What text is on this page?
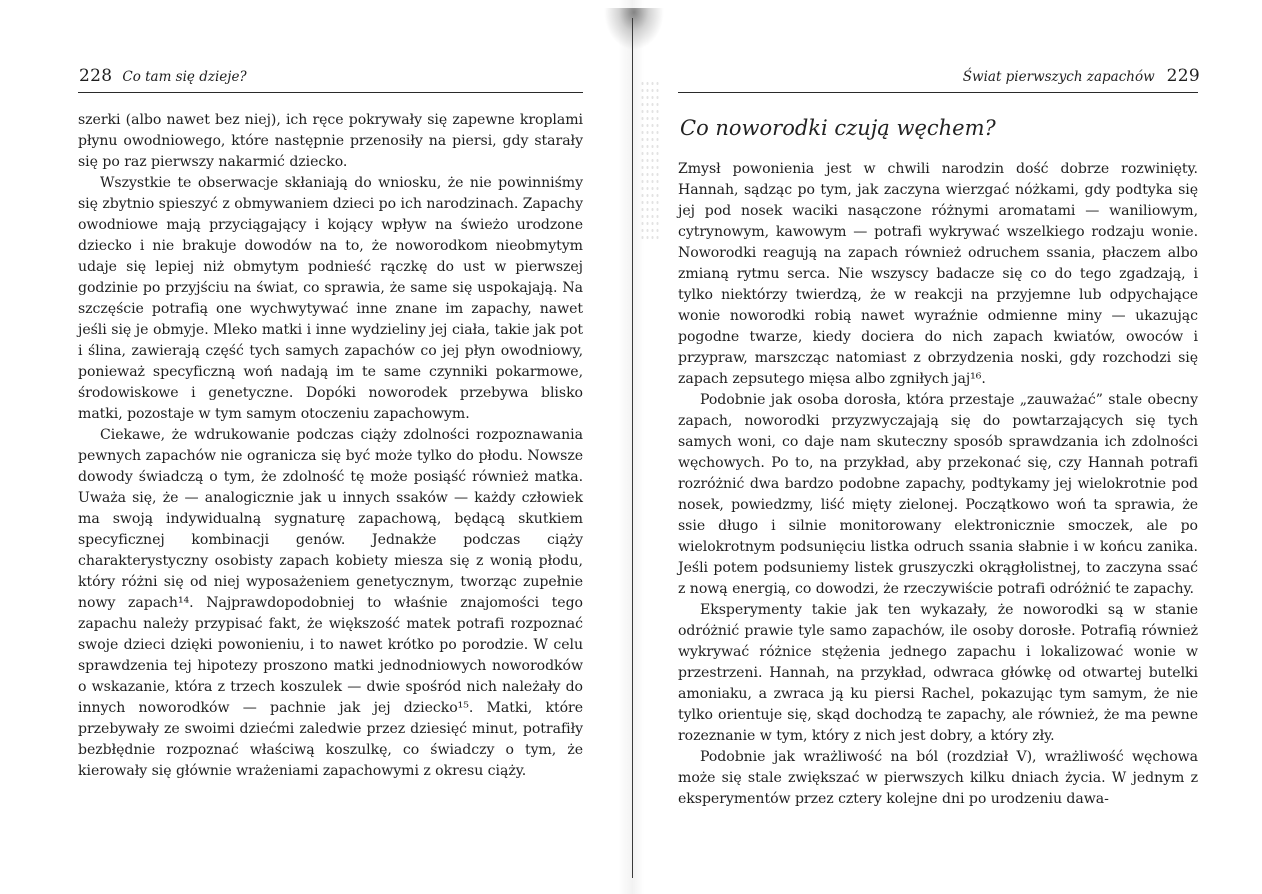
228 Co tam się dzieje?

szerki (albo nawet bez niej), ich ręce pokrywały się zapewne kroplami płynu owodniowego, które następnie przenosiły na piersi, gdy starały się po raz pierwszy nakarmić dziecko.

Wszystkie te obserwacje skłaniają do wniosku, że nie powinniśmy się zbytnio spieszyć z obmywaniem dzieci po ich narodzinach. Zapachy owodniowe mają przyciągający i kojący wpływ na świeżo urodzone dziecko i nie brakuje dowodów na to, że noworodkom nieobmytym udaje się lepiej niż obmytym podnieść rączkę do ust w pierwszej godzinie po przyjściu na świat, co sprawia, że same się uspokajają. Na szczęście potrafią one wychwytywać inne znane im zapachy, nawet jeśli się je obmyje. Mleko matki i inne wydzieliny jej ciała, takie jak pot i ślina, zawierają część tych samych zapachów co jej płyn owodniowy, ponieważ specyficzną woń nadają im te same czynniki pokarmowe, środowiskowe i genetyczne. Dopóki noworodek przebywa blisko matki, pozostaje w tym samym otoczeniu zapachowym.

Ciekawe, że wdrukowanie podczas ciąży zdolności rozpoznawania pewnych zapachów nie ogranicza się być może tylko do płodu. Nowsze dowody świadczą o tym, że zdolność tę może posiąść również matka. Uważa się, że — analogicznie jak u innych ssaków — każdy człowiek ma swoją indywidualną sygnaturę zapachową, będącą skutkiem specyficznej kombinacji genów. Jednakże podczas ciąży charakterystyczny osobisty zapach kobiety miesza się z wonią płodu, który różni się od niej wyposażeniem genetycznym, tworząc zupełnie nowy zapach¹⁴. Najprawdopodobniej to właśnie znajomości tego zapachu należy przypisać fakt, że większość matek potrafi rozpoznać swoje dzieci dzięki powonieniu, i to nawet krótko po porodzie. W celu sprawdzenia tej hipotezy proszono matki jednodniowych noworodków o wskazanie, która z trzech koszulek — dwie spośród nich należały do innych noworodków — pachnie jak jej dziecko¹⁵. Matki, które przebywały ze swoimi dziećmi zaledwie przez dziesięć minut, potrafiły bezbłędnie rozpoznać właściwą koszulkę, co świadczy o tym, że kierowały się głównie wrażeniami zapachowymi z okresu ciąży.

Świat pierwszych zapachów 229
Co noworodki czują węchem?

Zmysł powonienia jest w chwili narodzin dość dobrze rozwinięty. Hannah, sądząc po tym, jak zaczyna wierzgać nóżkami, gdy podtyka się jej pod nosek waciki nasączone różnymi aromatami — waniliowym, cytrynowym, kawowym — potrafi wykrywać wszelkiego rodzaju wonie. Noworodki reagują na zapach również odruchem ssania, płaczem albo zmianą rytmu serca. Nie wszyscy badacze się co do tego zgadzają, i tylko niektórzy twierdzą, że w reakcji na przyjemne lub odpychające wonie noworodki robią nawet wyraźnie odmienne miny — ukazując pogodne twarze, kiedy dociera do nich zapach kwiatów, owoców i przypraw, marszcząc natomiast z obrzydzenia noski, gdy rozchodzi się zapach zepsutego mięsa albo zgniłych jaj¹⁶.

Podobnie jak osoba dorosła, która przestaje „zauważać” stale obecny zapach, noworodki przyzwyczajają się do powtarzających się tych samych woni, co daje nam skuteczny sposób sprawdzania ich zdolności węchowych. Po to, na przykład, aby przekonać się, czy Hannah potrafi rozróżnić dwa bardzo podobne zapachy, podtykamy jej wielokrotnie pod nosek, powiedzmy, liść mięty zielonej. Początkowo woń ta sprawia, że ssie długo i silnie monitorowany elektronicznie smoczek, ale po wielokrotnym podsunięciu listka odruch ssania słabnie i w końcu zanika. Jeśli potem podsuniemy listek gruszyczki okrągłolistnej, to zaczyna ssać z nową energią, co dowodzi, że rzeczywiście potrafi odróżnić te zapachy.

Eksperymenty takie jak ten wykazały, że noworodki są w stanie odróżnić prawie tyle samo zapachów, ile osoby dorosłe. Potrafią również wykrywać różnice stężenia jednego zapachu i lokalizować wonie w przestrzeni. Hannah, na przykład, odwraca główkę od otwartej butelki amoniaku, a zwraca ją ku piersi Rachel, pokazując tym samym, że nie tylko orientuje się, skąd dochodzą te zapachy, ale również, że ma pewne rozeznanie w tym, który z nich jest dobry, a który zły.

Podobnie jak wrażliwość na ból (rozdział V), wrażliwość węchowa może się stale zwiększać w pierwszych kilku dniach życia. W jednym z eksperymentów przez cztery kolejne dni po urodzeniu dawa-
